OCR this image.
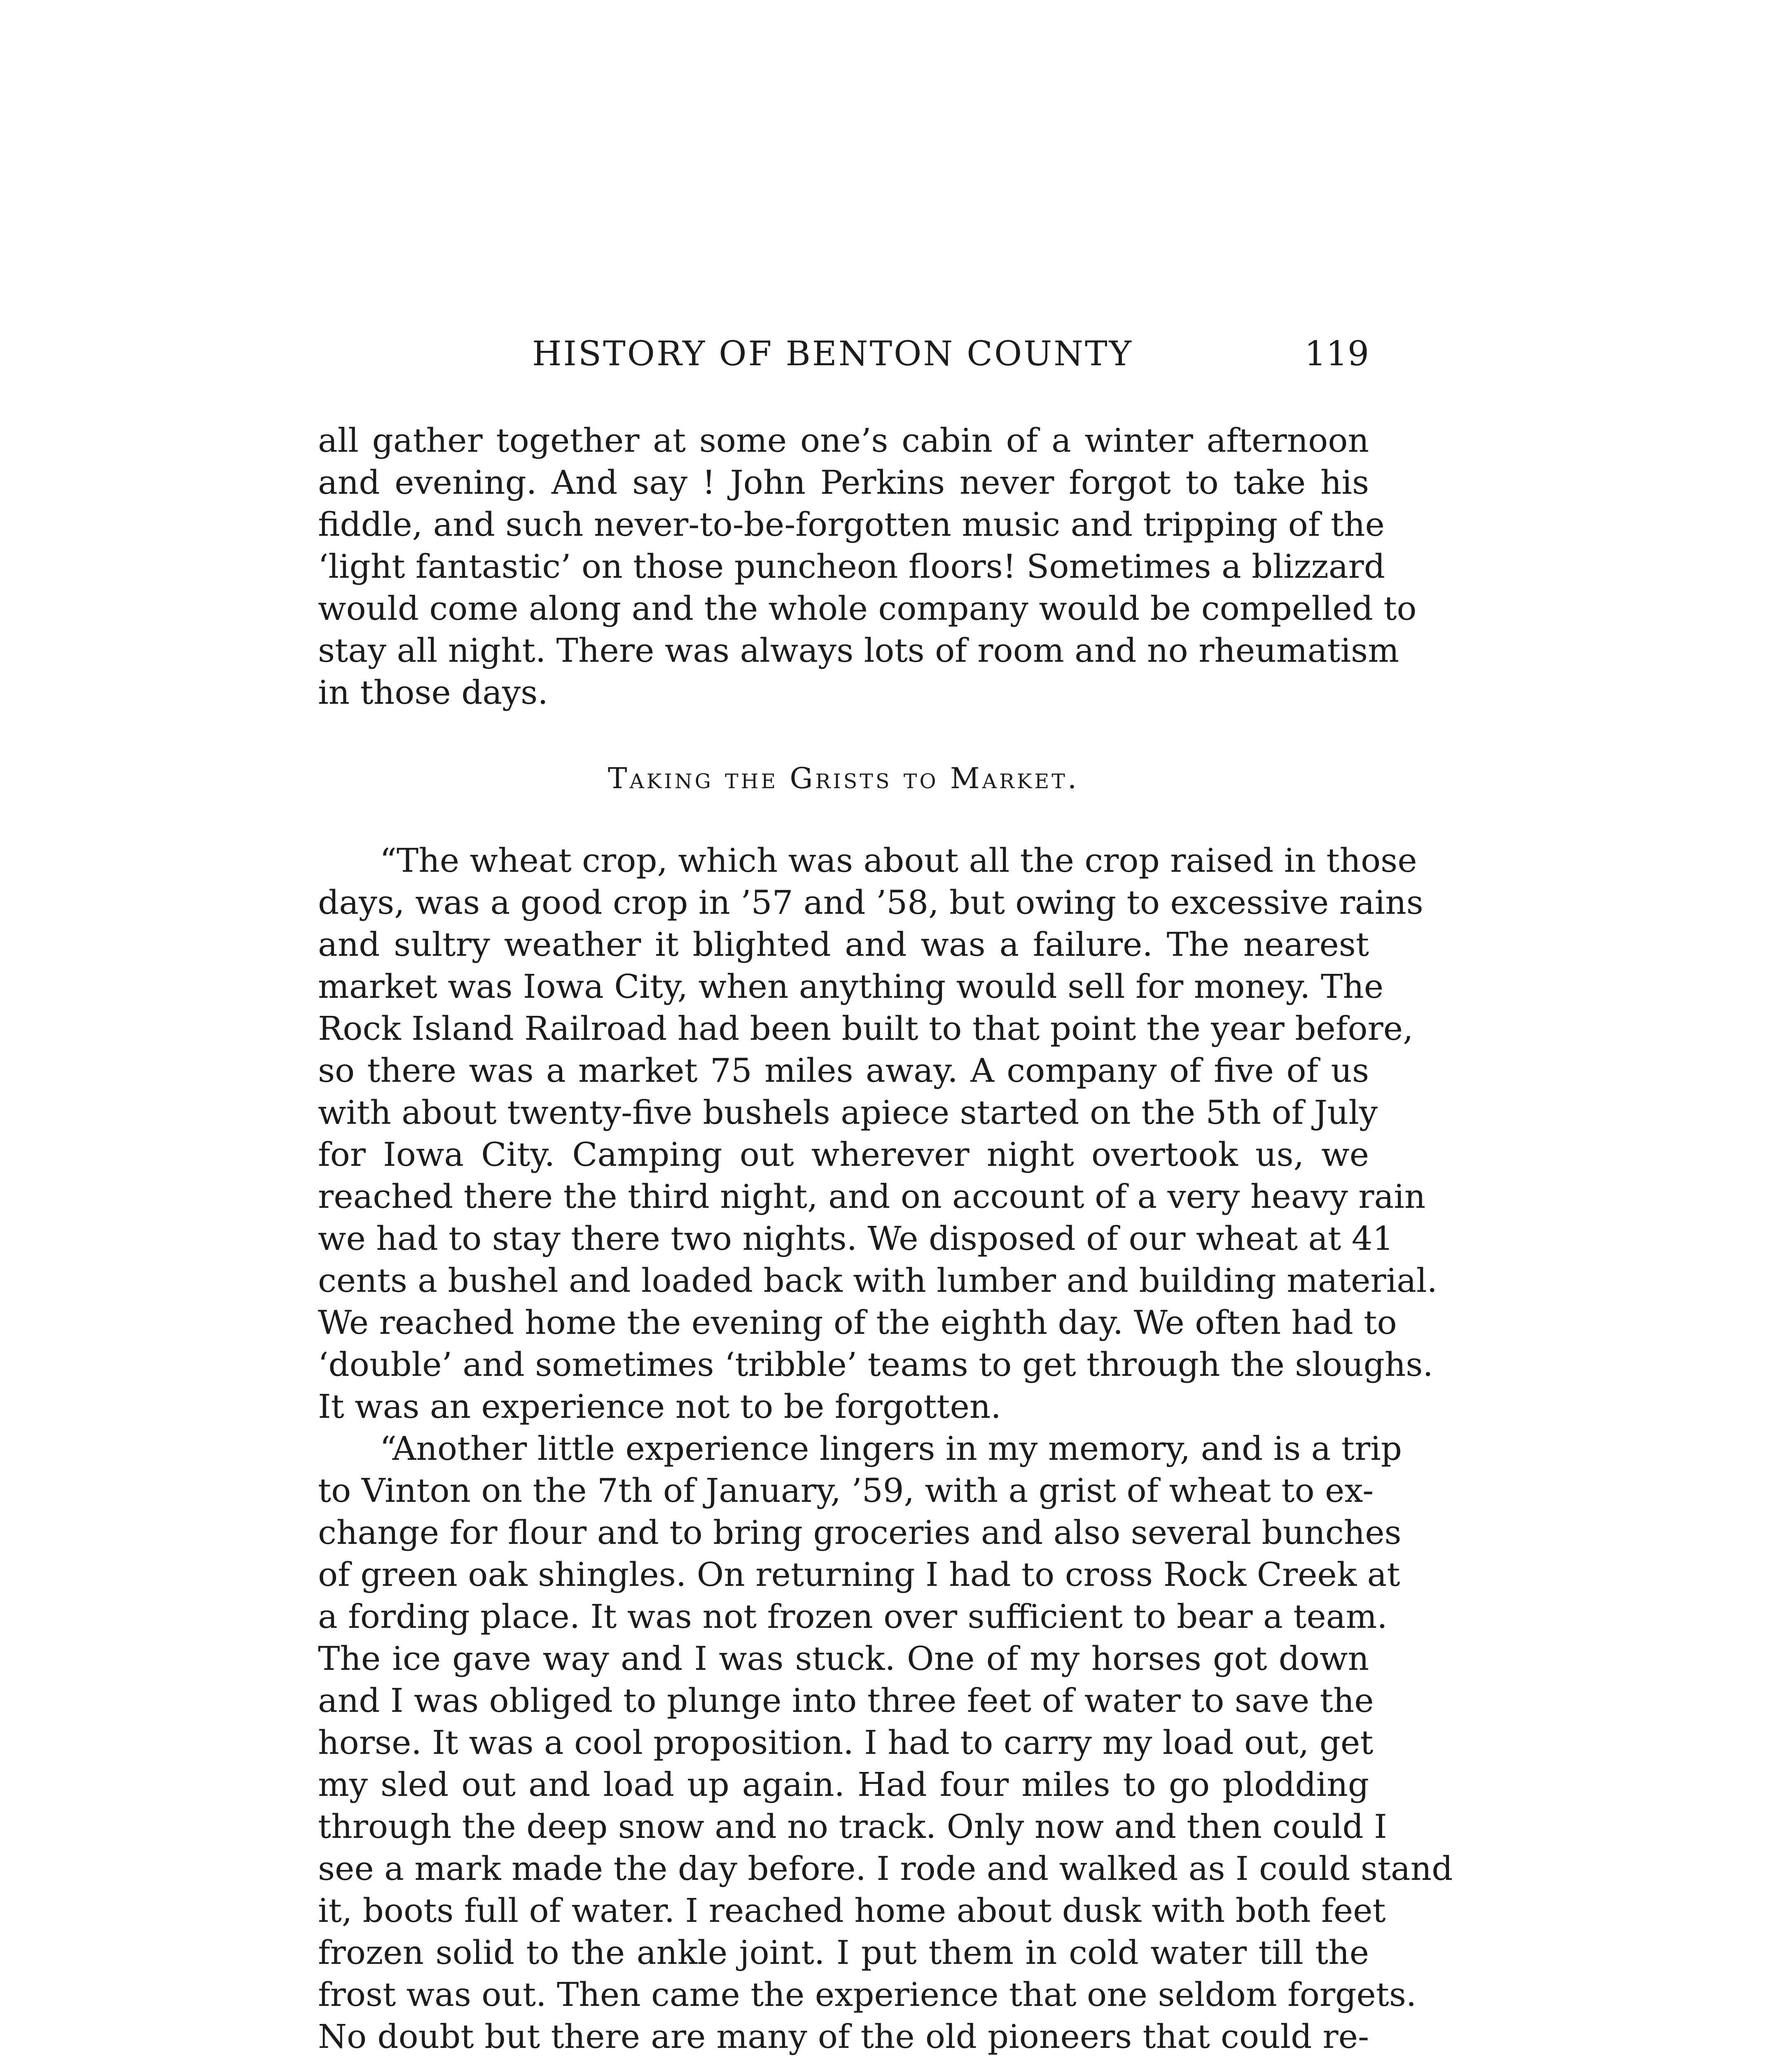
HISTORY OF BENTON COUNTY	119
all gather together at some one’s cabin of a winter afternoon
and evening. And say ! John Perkins never forgot to take his
fiddle, and such never-to-be-forgotten music and tripping of the
‘light fantastic’ on those puncheon floors! Sometimes a blizzard
would come along and the whole company would be compelled to
stay all night. There was always lots of room and no rheumatism
in those days.
Taking the Grists to Market.
“The wheat crop, which was about all the crop raised in those
days, was a good crop in ’57 and ’58, but owing to excessive rains
and sultry weather it blighted and was a failure. The nearest
market was Iowa City, when anything would sell for money. The
Rock Island Railroad had been built to that point the year before,
so there was a market 75 miles away. A company of five of us
with about twenty-five bushels apiece started on the 5th of July
for Iowa City. Camping out wherever night overtook us, we
reached there the third night, and on account of a very heavy rain
we had to stay there two nights. We disposed of our wheat at 41
cents a bushel and loaded back with lumber and building material.
We reached home the evening of the eighth day. We often had to
‘double’ and sometimes ‘tribble’ teams to get through the sloughs.
It was an experience not to be forgotten.
“Another little experience lingers in my memory, and is a trip
to Vinton on the 7th of January, ’59, with a grist of wheat to ex-
change for flour and to bring groceries and also several bunches
of green oak shingles. On returning I had to cross Rock Creek at
a fording place. It was not frozen over sufficient to bear a team.
The ice gave way and I was stuck. One of my horses got down
and I was obliged to plunge into three feet of water to save the
horse. It was a cool proposition. I had to carry my load out, get
my sled out and load up again. Had four miles to go plodding
through the deep snow and no track. Only now and then could I
see a mark made the day before. I rode and walked as I could stand
it, boots full of water. I reached home about dusk with both feet
frozen solid to the ankle joint. I put them in cold water till the
frost was out. Then came the experience that one seldom forgets.
No doubt but there are many of the old pioneers that could re-
